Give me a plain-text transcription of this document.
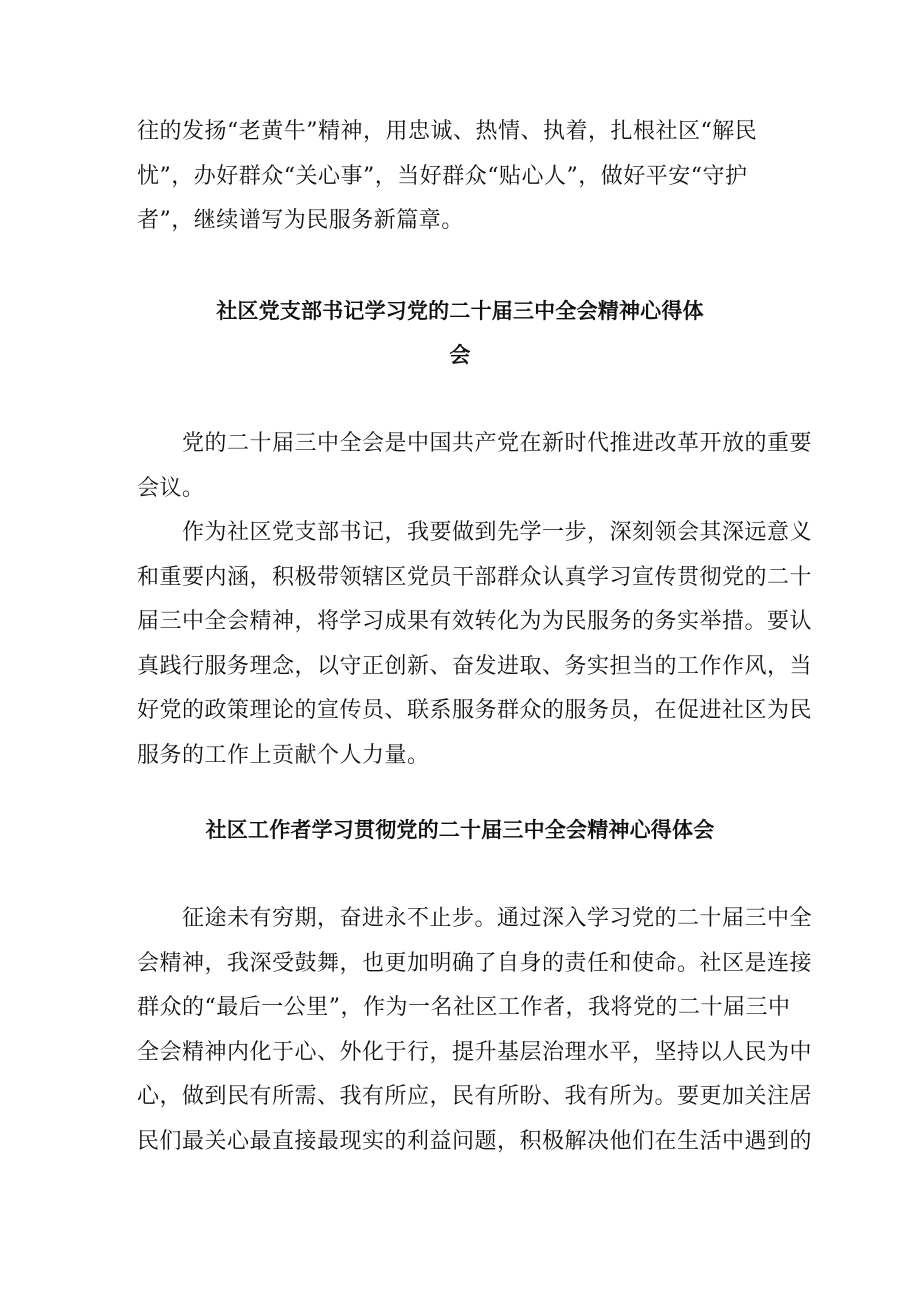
往的发扬“老黄牛”精神，用忠诚、热情、执着，扎根社区“解民
忧”，办好群众“关心事”，当好群众“贴心人”，做好平安“守护
者”，继续谱写为民服务新篇章。
社区党支部书记学习党的二十届三中全会精神心得体
会
党的二十届三中全会是中国共产党在新时代推进改革开放的重要
会议。
作为社区党支部书记，我要做到先学一步，深刻领会其深远意义
和重要内涵，积极带领辖区党员干部群众认真学习宣传贯彻党的二十
届三中全会精神，将学习成果有效转化为为民服务的务实举措。要认
真践行服务理念，以守正创新、奋发进取、务实担当的工作作风，当
好党的政策理论的宣传员、联系服务群众的服务员，在促进社区为民
服务的工作上贡献个人力量。
社区工作者学习贯彻党的二十届三中全会精神心得体会
征途未有穷期，奋进永不止步。通过深入学习党的二十届三中全
会精神，我深受鼓舞，也更加明确了自身的责任和使命。社区是连接
群众的“最后一公里”，作为一名社区工作者，我将党的二十届三中
全会精神内化于心、外化于行，提升基层治理水平，坚持以人民为中
心，做到民有所需、我有所应，民有所盼、我有所为。要更加关注居
民们最关心最直接最现实的利益问题，积极解决他们在生活中遇到的
